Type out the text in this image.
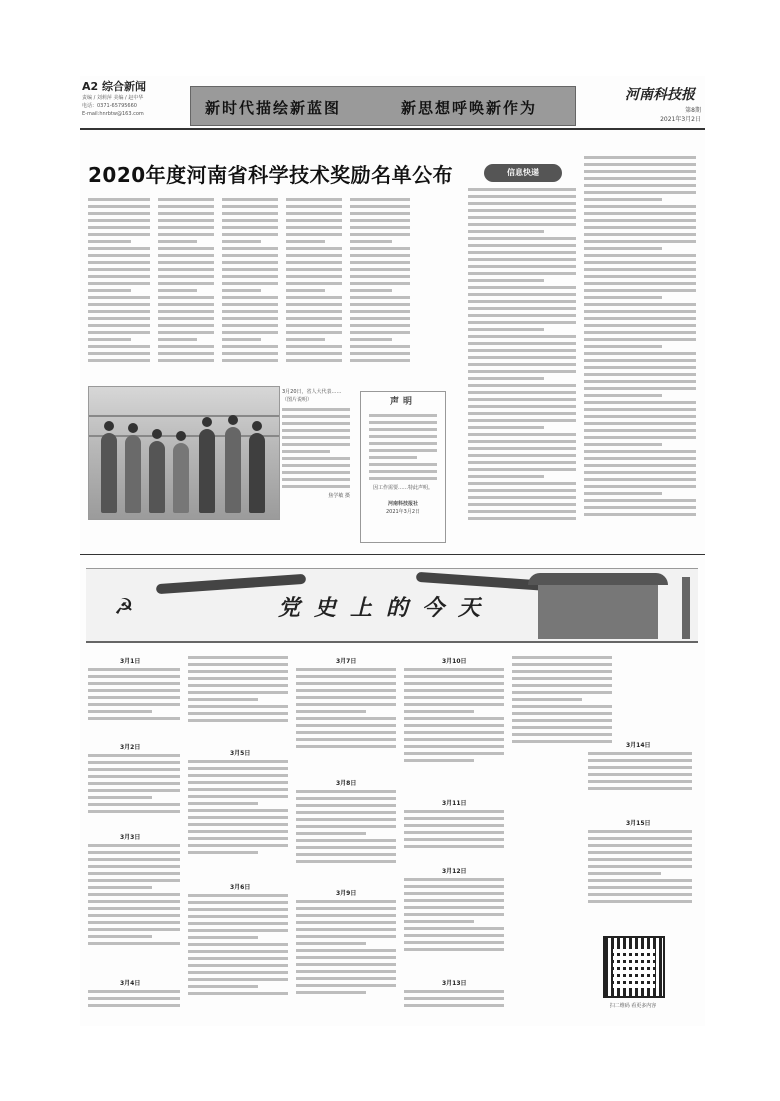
A2 综合新闻
责编 / 刘莉萍 美编 / 赵中华
电话：0371-65795660
E-mail:hnrbtw@163.com	新时代描绘新蓝图	新思想呼唤新作为
河南科技报
第8期
2021年3月2日
2020年度河南省科学技术奖励名单公布	信息快递
3月20日，省人大代表……（图片说明）
焦学敏 摄
声明
因工作需要……特此声明。
河南科技报社
2021年3月2日
☭	党史上的今天
3月1日
3月2日
3月3日
3月4日
3月5日
3月6日
3月7日
3月8日
3月9日
3月10日
3月11日
3月12日
3月13日
3月14日
3月15日
扫二维码 看更多内容
